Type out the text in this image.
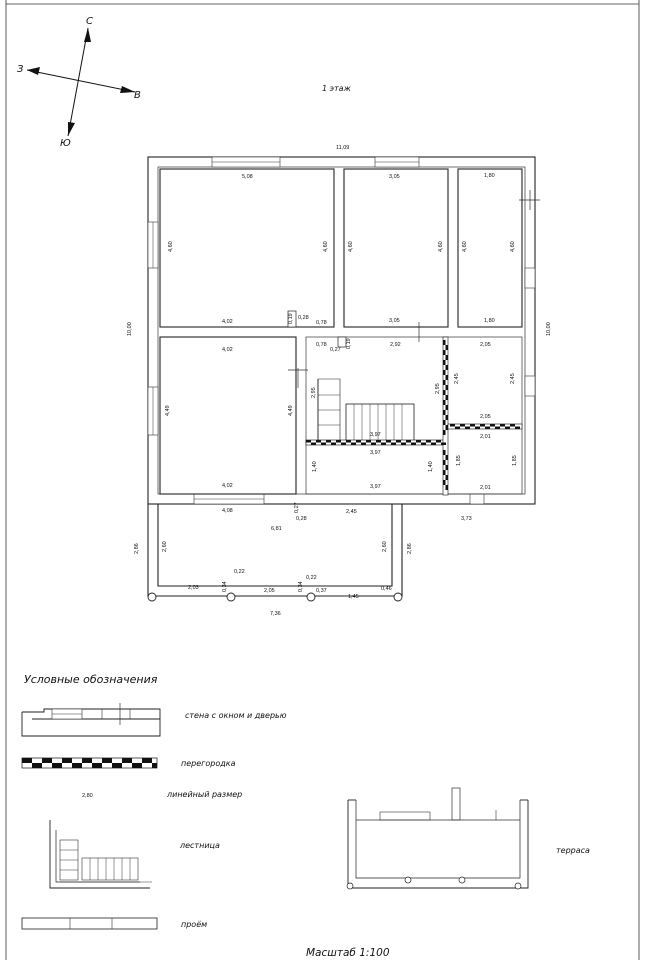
С
З
В
Ю
1 этаж
11,09
10,00	10,00
5,08
4,02
4,60	4,60
3,05
3,05
4,60	4,60
1,80
1,80
4,60	4,60
4,02
4,02
4,49	4,49
0,28
0,19	0,78
0,78
0,27
0,19	2,92
3,97
3,97
2,95	2,95
2,45
1,40	1,40
3,97
2,05
2,05
2,01
2,01
2,45
1,85	1,85
3,73
4,08
6,81
0,28
0,27	2,45
2,60	2,60
2,86	2,86
2,03
0,22
0,34	2,05	0,34
0,22
0,37
1,45
0,46
7,36
Условные обозначения
стена с окном и дверью
перегородка
2,80	линейный размер
лестница
терраса
проём
Масштаб 1:100
